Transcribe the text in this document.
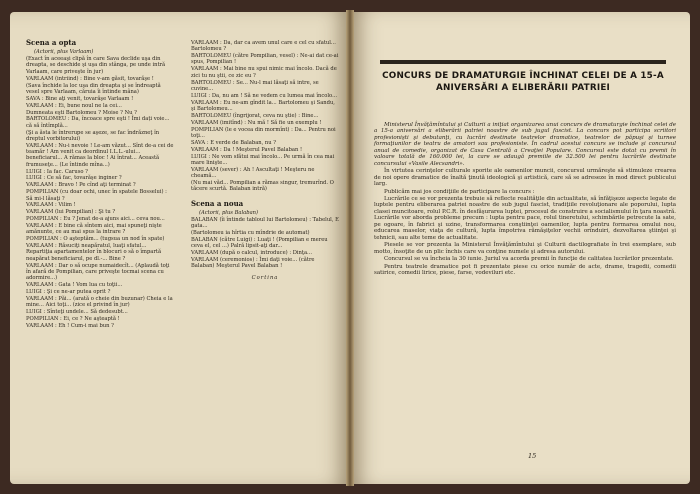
Scena a opta

(Actorii, plus Varlaam)

(Exact în aceeaşi clipă în care Sava declide uşa din dreapta, se deschide şi uşa din stânga, pe unde intră Varlaam, care priveşte în jur)

VARLAAM (intriind) : Bine v-am găsit, tovarăşe !

(Sava închide la loc uşa din dreapta şi se îndreaptă vesel spre Varlaam, căruia îi întinde mâna)

SAVA : Bine aţi venit, tovarăşe Varlaam !

VARLAAM : Ei, bune noul ne la cei...

Dumneata eşti Bartolomeu ? Moise ? Nu ?

BARTOLOMEU : Da, încoace spre eşti ! Îmi dați voie... că să întîmplă...

(Şi a ăsta le întrerupe se aşeze, se fac îndrăzneţ în dreptul vorbitorului)

VARLAAM : Nu-i nevoie ! Le-am văzut... Sînt de-a cei de teamăr ! Am venit ca deordinul I.L.L.-ului... beneficiarul... A rămas la bloc ! Ai întrat... Această frumuseţe... (Le întinde mîna...)

LUIGI : Ia fac. Caruso ?

LUIGI : Ce să fac, tovarăşe inginer ?

VARLAAM : Bravo ! Pe cînd aţi terminat ?

POMPILIAN (cu doar ochi, unec în spatele Bosselui) : Să mi-l lăsaţi ?

VARLAAM : Vilim !

VARLAAM (lui Pompilian) : Şi tu ?

POMPILIAN : Eu ? Jenat de-a ajuns aici... ceva nou...

VARLAAM : E bine că sîntem aici, mai spuneţi nişte amănunte, ce au mai spus la intrare ?

POMPILIAN : O aşteptăm... (tugsua un nod în spate)

VARLAAM : Răsuciţi neapăratul, luaţi sfatul... Repartiţia apartamentelor în blocuri o să o împartă neapărat beneficiarul, pe dl.-... Bine ?

VARLAAM : Dar o să ocupe numaidecît... (Aplaudă toţi în afară de Pompilian, care priveşte tocmai scena cu adormire...)

VARLAAM : Gata ! Vom lua cu toţii...

LUIGI : Şi ce ne-ar putea oprit ?

VARLAAM : Păi... (arată o cheie din buzunar) Cheia e la mine... Aici toţi... (zice el privind în jur)

LUIGI : Sînteţi undele... Să dedesubt...

POMPILIAN : Ei, ce ? Ne aşteaptă !

VARLAAM : Eh ! Cum-i mai bun ?

VARLAAM : Da, dar ca avem unul care e cel cu sfatul... Bartolomeu ?

BARTOLOMEU (către Pompilian, vesel) : Ne-ai dat ce-ai spus, Pompilian !

VARLAAM : Mai bine nu spui nimic mai încolo. Dacă de zici tu nu ştii, ce zic eu ?

BARTOLOMEU : Se... Nu-l mai lăsaţi să intre, se cuvine...

LUIGI : Da, nu am ! Să ne vedem cu lumea mai încolo...

VARLAAM : Eu ne-am gîndit la... Bartolomeu şi Sandu, şi Bartolomeu...

BARTOLOMEU (îngrijorat, ceva nu ştie) : Bine...

VARLAAM (imitînd) : Nu mă ! Să fie un exemplu !

POMPILIAN (le e vocea din mormînt) : Da... Pentru noi toţi...

SAVA : E verde de Balaban, nu ?

VARLAAM : Da ! Meşterul Pavel Balaban !

LUIGI : Ne vom sfătui mai încolo... Pe urmă în cea mai mare linişte...

VARLAAM (sever) : Ah ! Ascultaţi ! Meşteru ne cheamă...

(Nu mai văd... Pompilian a rămas singur, tremurînd. O tăcere scurtă. Balaban intră)

Scena a noua

(Actorii, plus Balaban)

BALABAN (îi întinde tabloul lui Bartolomeu) : Tabelul, E gata...

(Bartolomeu ia hîrtia cu mîndrie de automat)

BALABAN (către Luigi) : Luaţi ! (Pompilian e mereu ceva el, cel ...) Palră lipsit-aţi dar...

VARLAAM (după o calcul, introduce) : Dinţa...

VARLAAM (ceremonios) : Îmi daţi voie... (către Balaban) Meşterul Pavel Balaban !

Cortina

CONCURS DE DRAMATURGIE ÎNCHINAT CELEI DE A 15-A
ANIVERSĂRI A ELIBERĂRII PATRIEI

Ministerul Învăţămîntului şi Culturii a iniţiat organizarea unui concurs de dramaturgie închinat celei de a 15-a aniversări a eliberării patriei noastre de sub jugul fascist. La concurs pot participa scriitori profesionişti şi debutanţi, cu lucrări destinate teatrelor dramatice, teatrelor de păpuşi şi turnee formaţiunilor de teatru de amatori sau profesioniste. În cadrul acestui concurs se include şi concursul anual de comedie, organizat de Casa Centrală a Creaţiei Populare. Concursul este dotat cu premii în valoare totală de 160.000 lei, la care se adaugă premiile de 32.500 lei pentru lucrările destinate concursului «Vasile Alecsandri».

În virtutea cerinţelor culturale sporite ale oamenilor muncii, concursul urmăreşte să stimuleze crearea de noi opere dramatice de înaltă ţinută ideologică şi artistică, care să se adreseze în mod direct publicului larg.

Publicăm mai jos condiţiile de participare la concurs :

Lucrările ce se vor prezenta trebuie să reflecte realităţile din actualitate, să înfăţişeze aspecte legate de luptele pentru eliberarea patriei noastre de sub jugul fascist, tradiţiile revoluţionare ale poporului, lupta clasei muncitoare, rolul P.C.R. în desfăşurarea luptei, procesul de construire a socialismului în ţara noastră. Lucrările vor aborda probleme precum : lupta pentru pace, rolul tineretului, schimbările petrecute la sate, pe ogoare, în fabrici şi uzine, transformarea conştiinţei oamenilor, lupta pentru formarea omului nou, educarea maselor, viaţa de cultură, lupta împotriva rămăşiţelor vechii orînduiri, dezvoltarea ştiinţei şi tehnicii, sau alte teme de actualitate.

Piesele se vor prezenta la Ministerul Învăţămîntului şi Culturii dactilografiate în trei exemplare, sub motto, însoţite de un plic închis care va conţine numele şi adresa autorului.

Concursul se va încheia la 30 iunie. Juriul va acorda premii în funcţie de calitatea lucrărilor prezentate.

Pentru teatrele dramatice pot fi prezentate piese cu orice număr de acte, drame, tragedii, comedii satirice, comedii lirice, piese, farse, vodeviluri etc.

15
